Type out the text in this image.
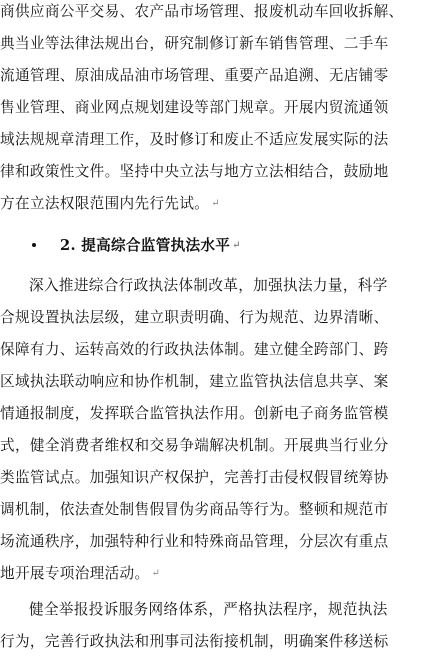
商供应商公平交易、农产品市场管理、报废机动车回收拆解、
典当业等法律法规出台，研究制修订新车销售管理、二手车
流通管理、原油成品油市场管理、重要产品追溯、无店铺零
售业管理、商业网点规划建设等部门规章。开展内贸流通领
域法规规章清理工作，及时修订和废止不适应发展实际的法
律和政策性文件。坚持中央立法与地方立法相结合，鼓励地
方在立法权限范围内先行先试。 ↵
2. 提高综合监管执法水平 ↵
深入推进综合行政执法体制改革，加强执法力量，科学
合规设置执法层级，建立职责明确、行为规范、边界清晰、
保障有力、运转高效的行政执法体制。建立健全跨部门、跨
区域执法联动响应和协作机制，建立监管执法信息共享、案
情通报制度，发挥联合监管执法作用。创新电子商务监管模
式，健全消费者维权和交易争端解决机制。开展典当行业分
类监管试点。加强知识产权保护，完善打击侵权假冒统筹协
调机制，依法查处制售假冒伪劣商品等行为。整顿和规范市
场流通秩序，加强特种行业和特殊商品管理，分层次有重点
地开展专项治理活动。 ↵
健全举报投诉服务网络体系，严格执法程序，规范执法
行为，完善行政执法和刑事司法衔接机制，明确案件移送标
